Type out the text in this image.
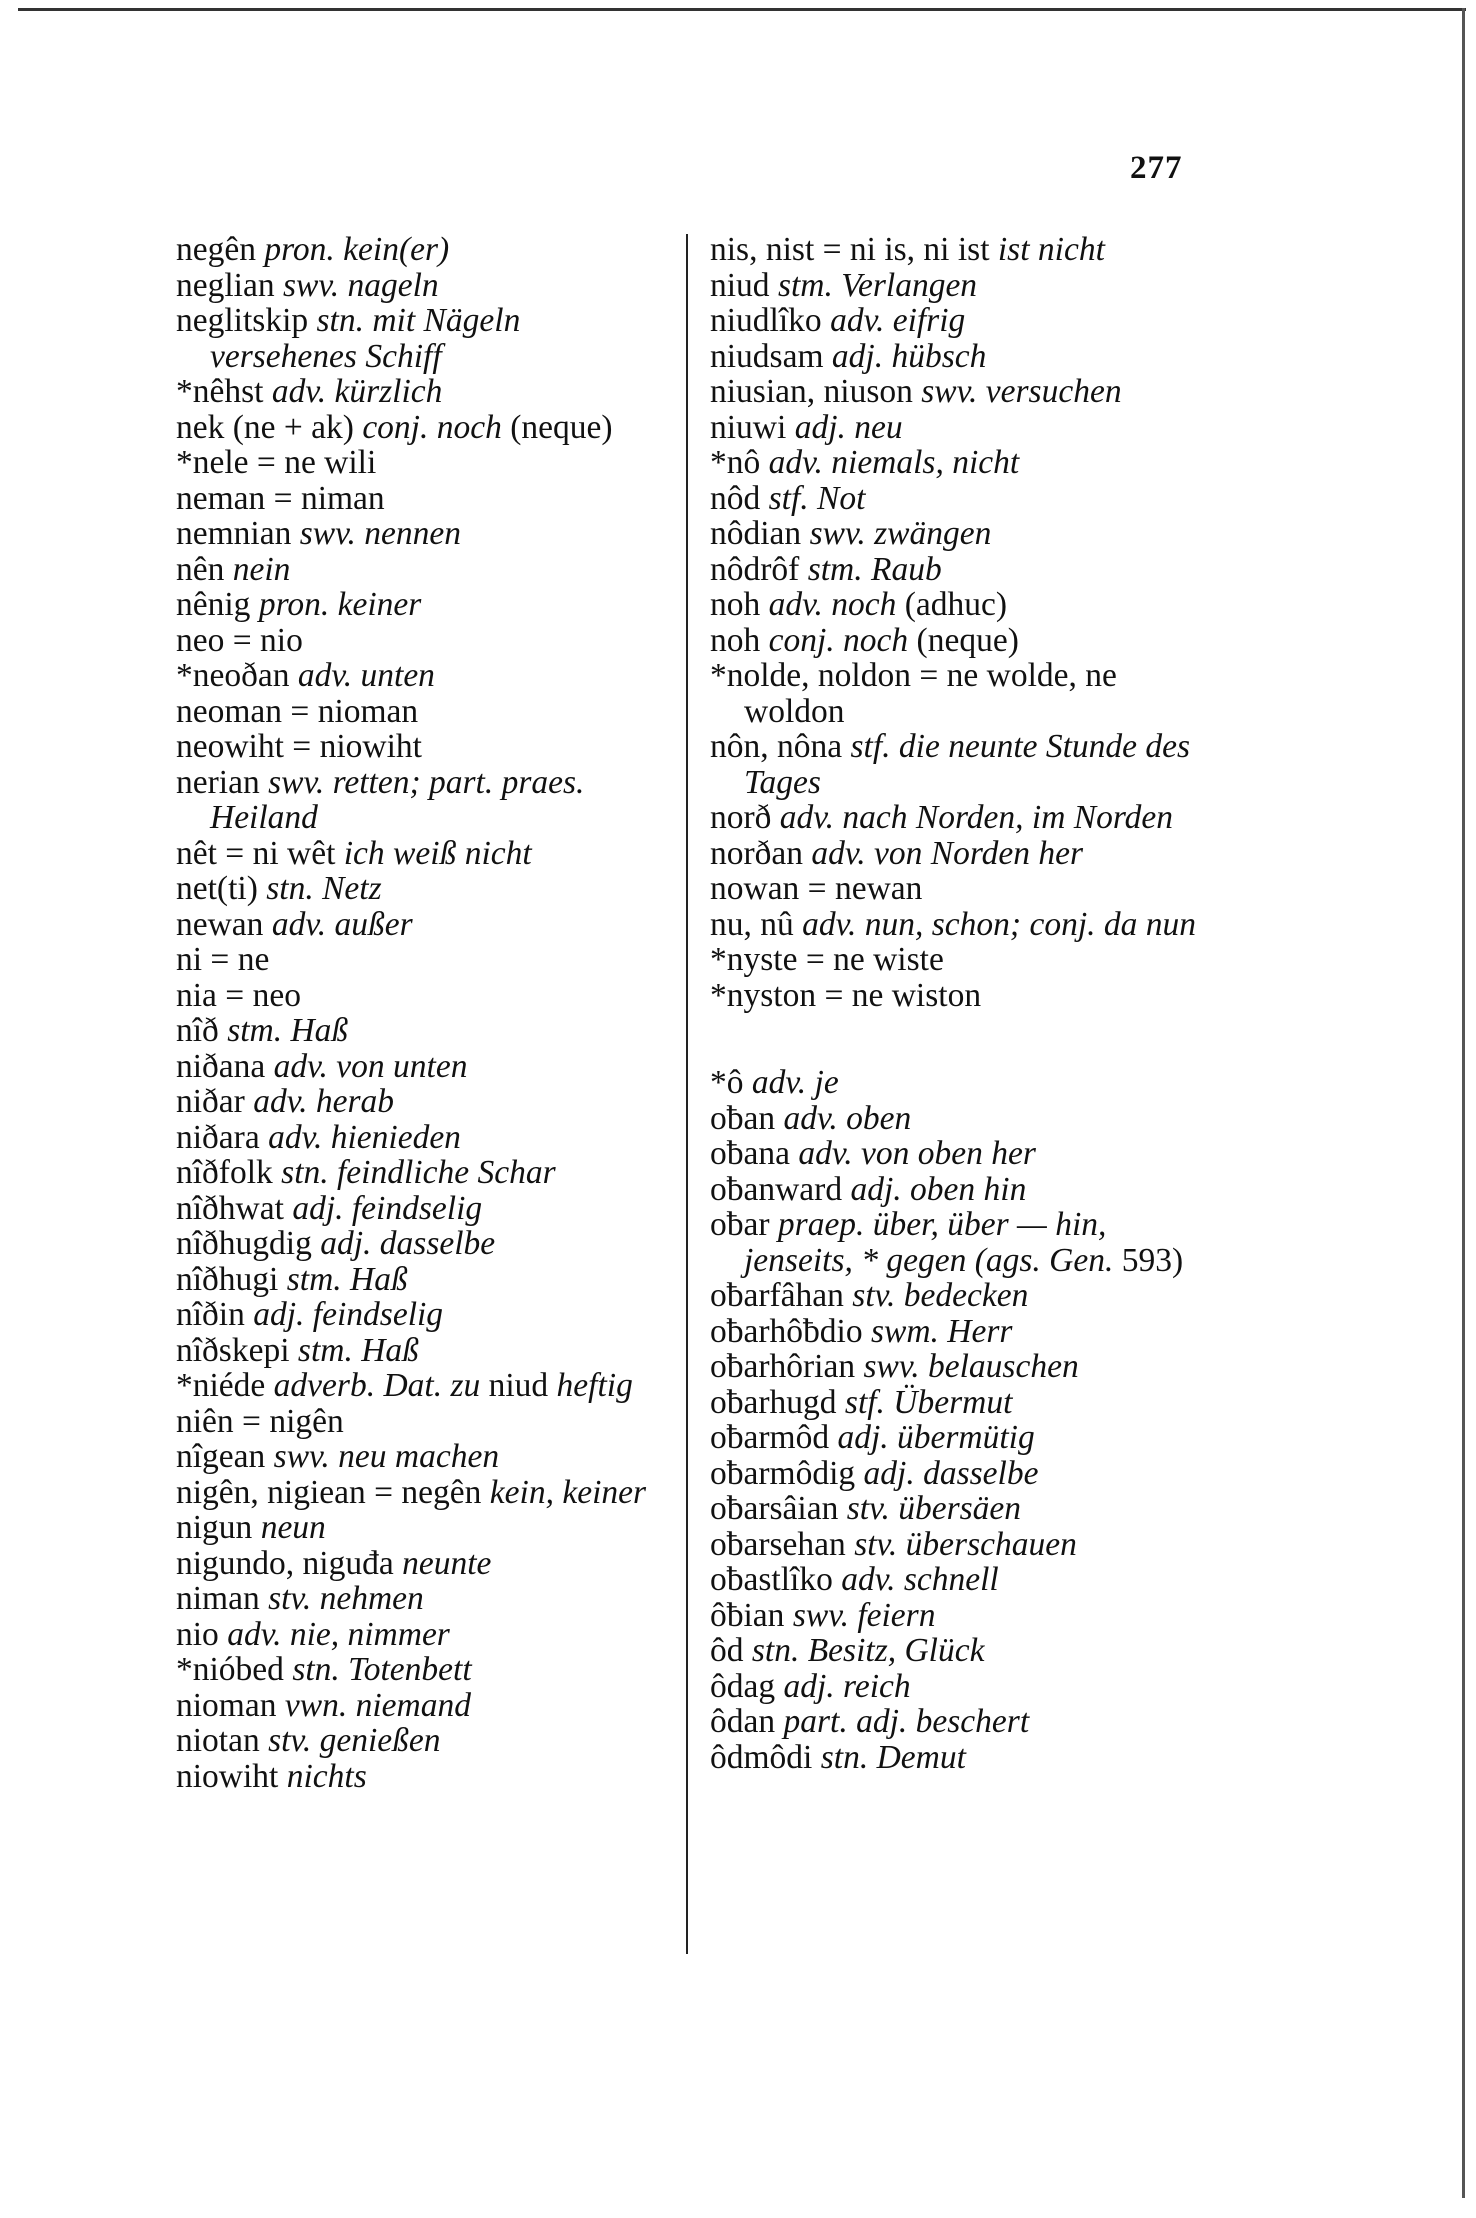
277
negên pron. kein(er)
neglian swv. nageln
neglitskip stn. mit Nägeln versehenes Schiff
*nêhst adv. kürzlich
nek (ne + ak) conj. noch (neque)
*nele = ne wili
neman = niman
nemnian swv. nennen
nên nein
nênig pron. keiner
neo = nio
*neoðan adv. unten
neoman = nioman
neowiht = niowiht
nerian swv. retten; part. praes. Heiland
nêt = ni wêt ich weiß nicht
net(ti) stn. Netz
newan adv. außer
ni = ne
nia = neo
nîð stm. Haß
niðana adv. von unten
niðar adv. herab
niðara adv. hienieden
nîðfolk stn. feindliche Schar
nîðhwat adj. feindselig
nîðhugdig adj. dasselbe
nîðhugi stm. Haß
nîðin adj. feindselig
nîðskepi stm. Haß
*niéde adverb. Dat. zu niud heftig
niên = nigên
nîgean swv. neu machen
nigên, nigiean = negên kein, keiner
nigun neun
nigundo, niguđa neunte
niman stv. nehmen
nio adv. nie, nimmer
*nióbed stn. Totenbett
nioman vwn. niemand
niotan stv. genießen
niowiht nichts
nis, nist = ni is, ni ist ist nicht
niud stm. Verlangen
niudlîko adv. eifrig
niudsam adj. hübsch
niusian, niuson swv. versuchen
niuwi adj. neu
*nô adv. niemals, nicht
nôd stf. Not
nôdian swv. zwängen
nôdrôf stm. Raub
noh adv. noch (adhuc)
noh conj. noch (neque)
*nolde, noldon = ne wolde, ne woldon
nôn, nôna stf. die neunte Stunde des Tages
norð adv. nach Norden, im Norden
norðan adv. von Norden her
nowan = newan
nu, nû adv. nun, schon; conj. da nun
*nyste = ne wiste
*nyston = ne wiston
*ô adv. je
oƀan adv. oben
oƀana adv. von oben her
oƀanward adj. oben hin
oƀar praep. über, über — hin, jenseits, * gegen (ags. Gen. 593)
oƀarfâhan stv. bedecken
oƀarhôƀdio swm. Herr
oƀarhôrian swv. belauschen
oƀarhugd stf. Übermut
oƀarmôd adj. übermütig
oƀarmôdig adj. dasselbe
oƀarsâian stv. übersäen
oƀarsehan stv. überschauen
oƀastlîko adv. schnell
ôƀian swv. feiern
ôd stn. Besitz, Glück
ôdag adj. reich
ôdan part. adj. beschert
ôdmôdi stn. Demut
